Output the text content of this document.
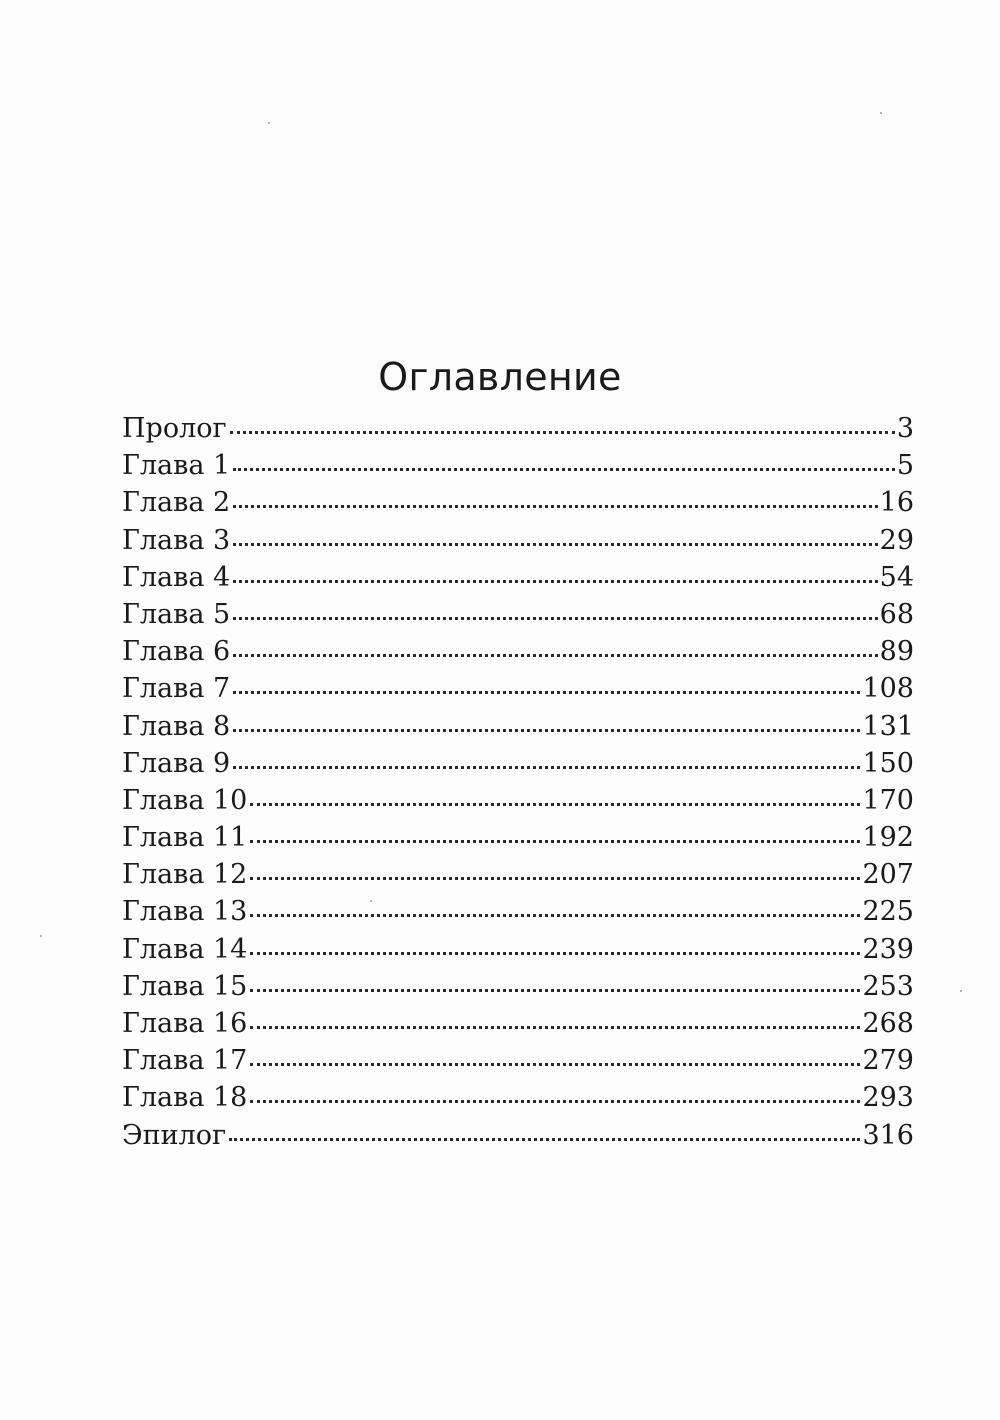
Оглавление
Пролог	3
Глава 1	5
Глава 2	16
Глава 3	29
Глава 4	54
Глава 5	68
Глава 6	89
Глава 7	108
Глава 8	131
Глава 9	150
Глава 10	170
Глава 11	192
Глава 12	207
Глава 13	225
Глава 14	239
Глава 15	253
Глава 16	268
Глава 17	279
Глава 18	293
Эпилог	316
